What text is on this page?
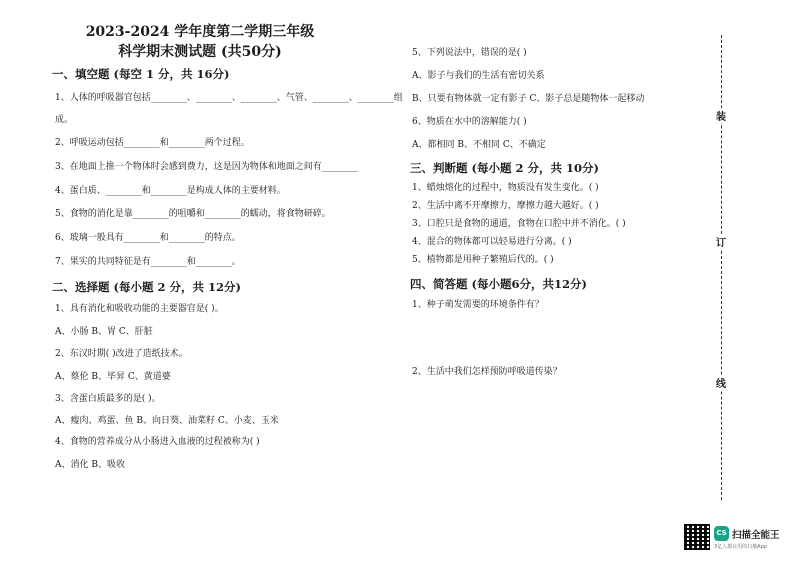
2023-2024 学年度第二学期三年级
科学期末测试题 (共50分)
一、填空题 (每空 1 分，共 16分)
1、人体的呼吸器官包括________、________、________、气管、________、________组
成。
2、呼吸运动包括________和________两个过程。
3、在地面上推一个物体时会感到费力，这是因为物体和地面之间有________
4、蛋白质、________和________是构成人体的主要材料。
5、食物的消化是靠________的咀嚼和________的蠕动，将食物研碎。
6、玻璃一般具有________和________的特点。
7、果实的共同特征是有________和________。
二、选择题 (每小题 2 分，共 12分)
1、具有消化和吸收功能的主要器官是( )。
A、小肠 B、胃 C、肝脏
2、东汉时期( )改进了造纸技术。
A、蔡伦 B、毕昇 C、黄道婆
3、含蛋白质最多的是( )。
A、瘦肉、鸡蛋、鱼 B、向日葵、油菜籽 C、小麦、玉米
4、食物的营养成分从小肠进入血液的过程被称为( )
A、消化 B、吸收
5、下列说法中，错误的是( )
A、影子与我们的生活有密切关系
B、只要有物体就一定有影子 C、影子总是随物体一起移动
6、物质在水中的溶解能力( )
A、都相同 B、不相同 C、不确定
三、判断题 (每小题 2 分，共 10分)
1、蜡烛熔化的过程中，物质没有发生变化。( )
2、生活中离不开摩擦力，摩擦力越大越好。( )
3、口腔只是食物的通道，食物在口腔中并不消化。( )
4、混合的物体都可以轻易进行分离。( )
5、植物都是用种子繁殖后代的。( )
四、简答题 (每小题6分，共12分)
1、种子萌发需要的环境条件有？
2、生活中我们怎样预防呼吸道传染？
装
订
线
CS 扫描全能王
3亿人都在用的扫描App
